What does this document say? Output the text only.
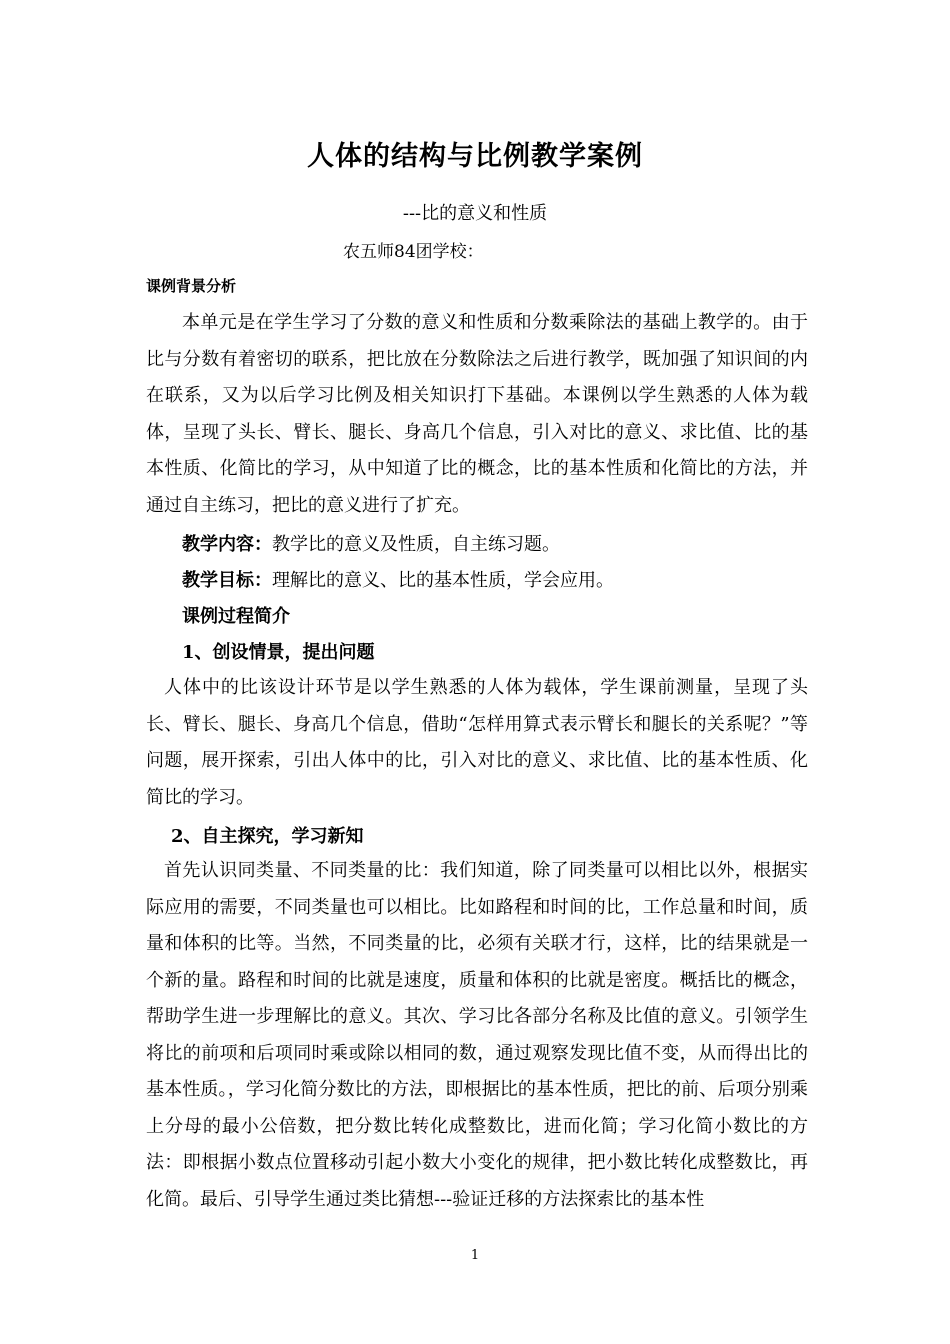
人体的结构与比例教学案例
---比的意义和性质
农五师84团学校：
课例背景分析
本单元是在学生学习了分数的意义和性质和分数乘除法的基础上教学的。由于比与分数有着密切的联系，把比放在分数除法之后进行教学，既加强了知识间的内在联系，又为以后学习比例及相关知识打下基础。本课例以学生熟悉的人体为载体，呈现了头长、臂长、腿长、身高几个信息，引入对比的意义、求比值、比的基本性质、化简比的学习，从中知道了比的概念，比的基本性质和化简比的方法，并通过自主练习，把比的意义进行了扩充。
教学内容：教学比的意义及性质，自主练习题。
教学目标：理解比的意义、比的基本性质，学会应用。
课例过程简介
1、创设情景，提出问题
人体中的比该设计环节是以学生熟悉的人体为载体，学生课前测量，呈现了头长、臂长、腿长、身高几个信息，借助“怎样用算式表示臂长和腿长的关系呢？”等问题，展开探索，引出人体中的比，引入对比的意义、求比值、比的基本性质、化简比的学习。
2、自主探究，学习新知
首先认识同类量、不同类量的比：我们知道，除了同类量可以相比以外，根据实际应用的需要，不同类量也可以相比。比如路程和时间的比，工作总量和时间，质量和体积的比等。当然，不同类量的比，必须有关联才行，这样，比的结果就是一个新的量。路程和时间的比就是速度，质量和体积的比就是密度。概括比的概念，帮助学生进一步理解比的意义。其次、学习比各部分名称及比值的意义。引领学生将比的前项和后项同时乘或除以相同的数，通过观察发现比值不变，从而得出比的基本性质。，学习化简分数比的方法，即根据比的基本性质，把比的前、后项分别乘上分母的最小公倍数，把分数比转化成整数比，进而化简；学习化简小数比的方法：即根据小数点位置移动引起小数大小变化的规律，把小数比转化成整数比，再化简。最后、引导学生通过类比猜想---验证迁移的方法探索比的基本性
1
